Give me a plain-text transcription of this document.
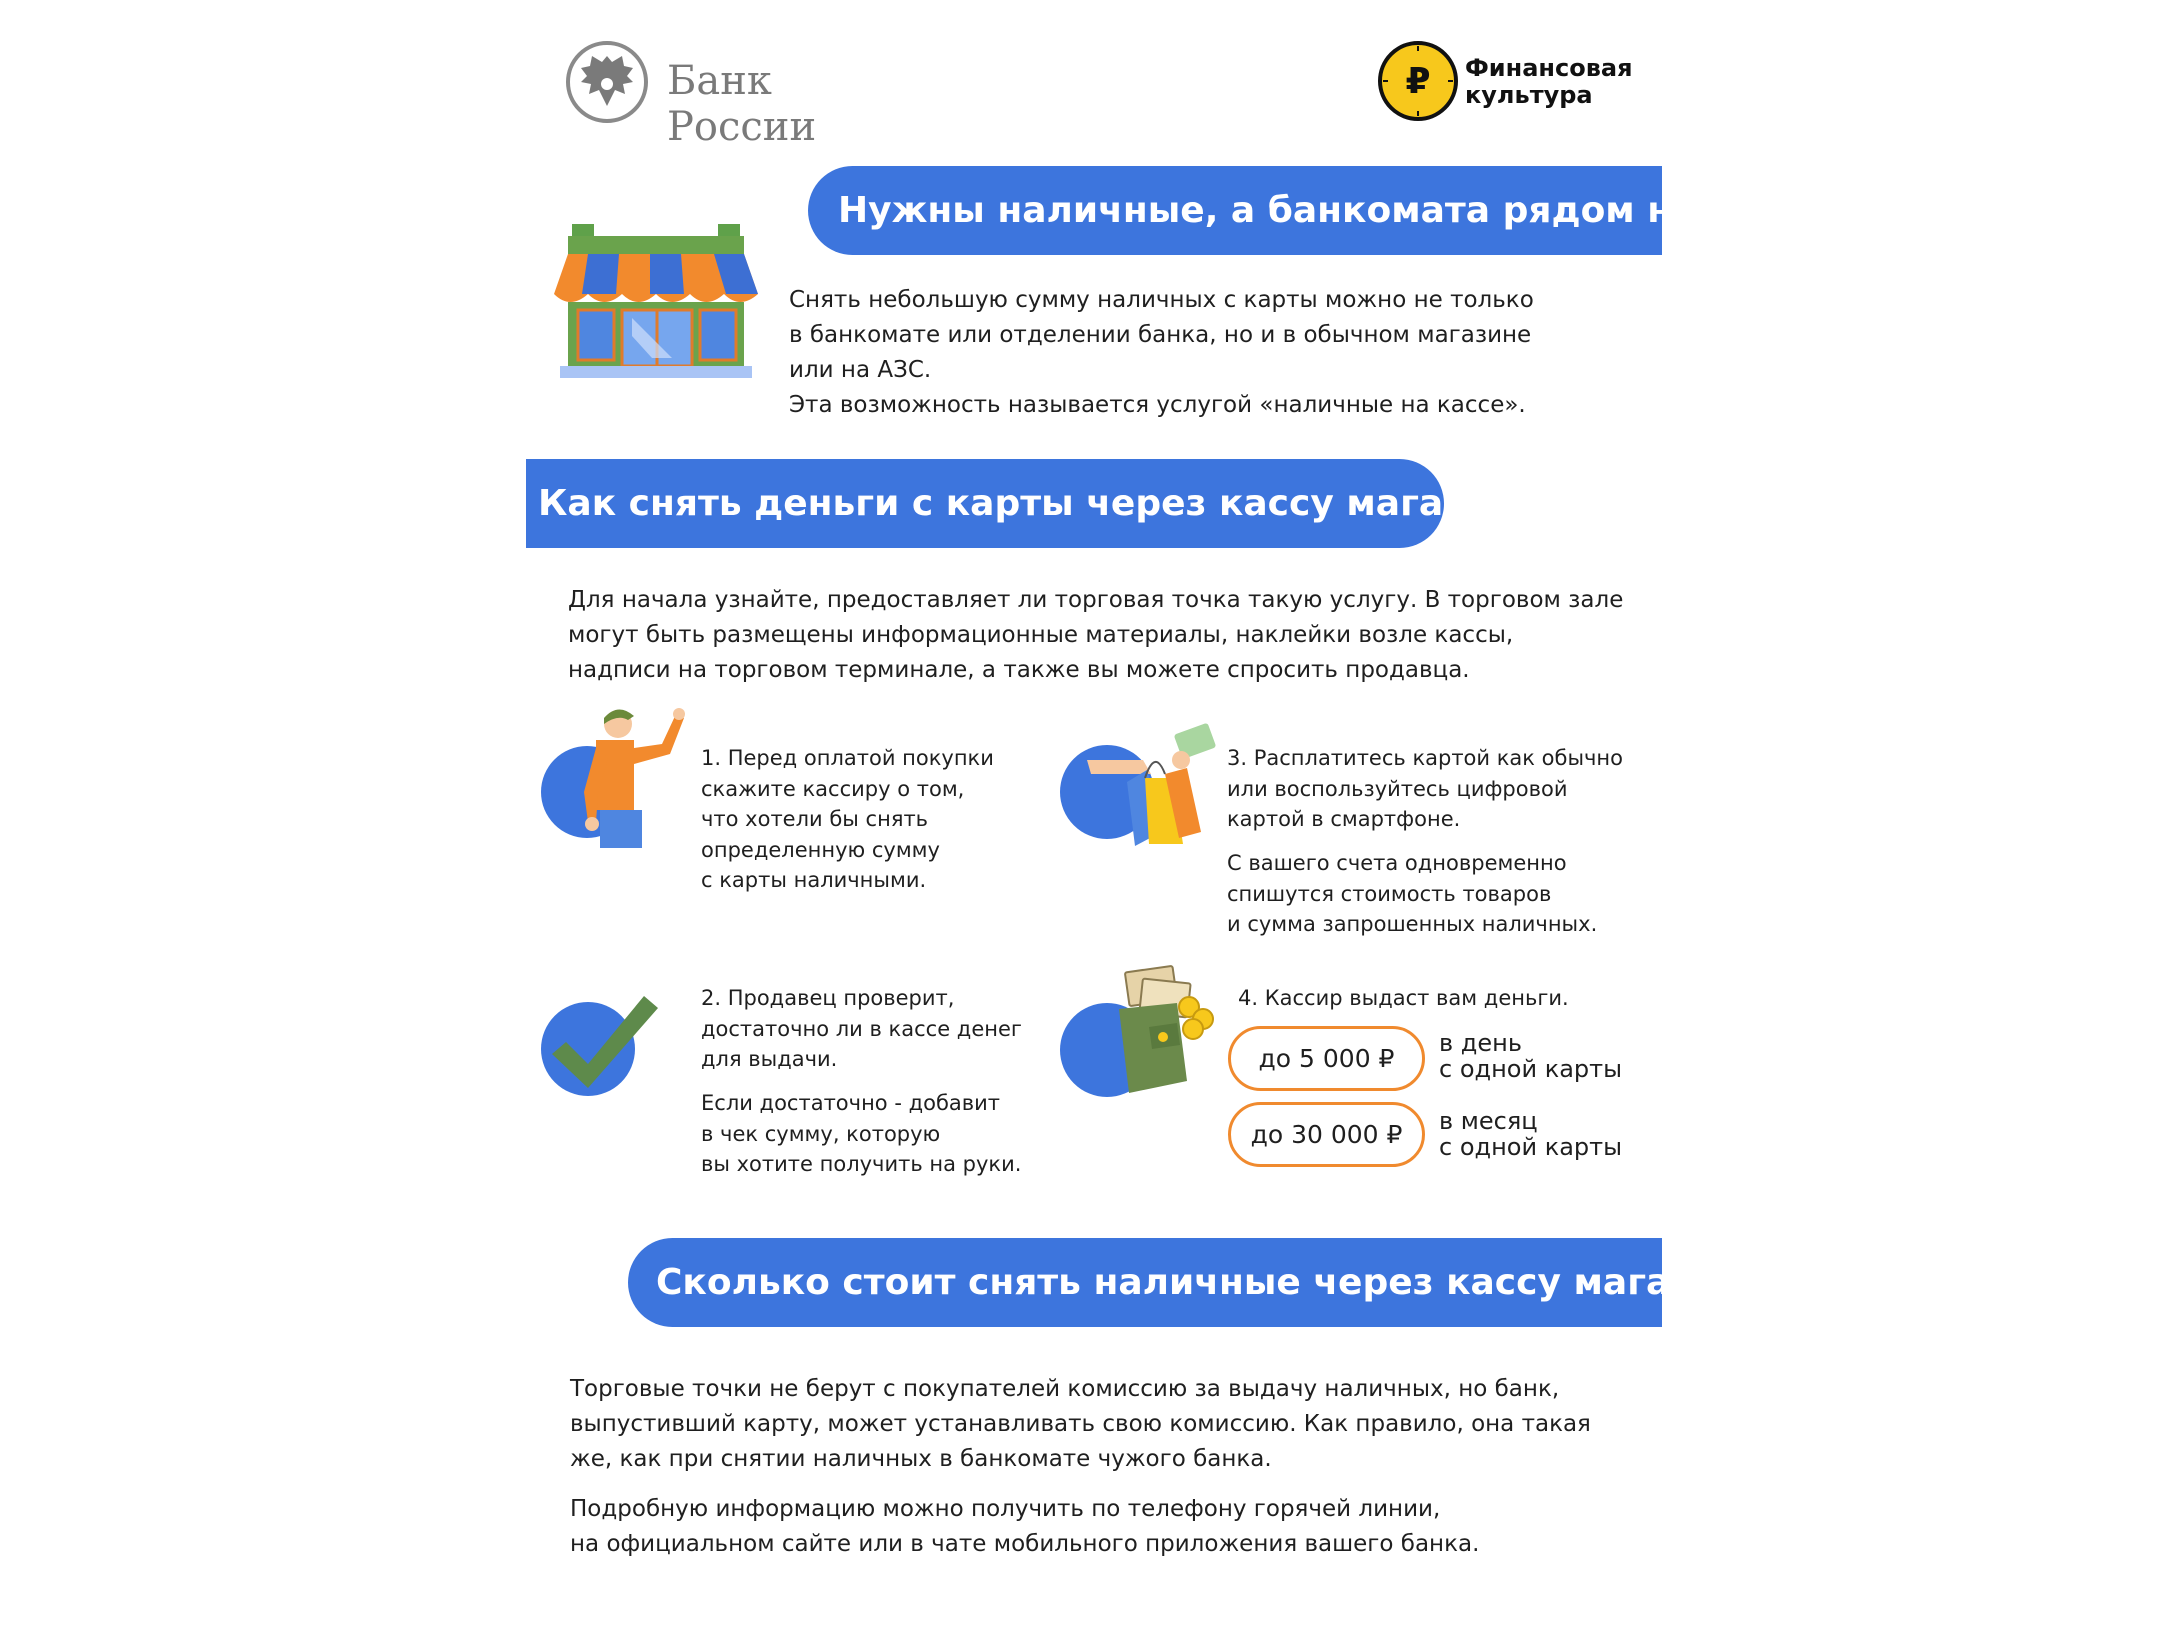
Банк России
₽ Финансовая
культура
Нужны наличные, а банкомата рядом нет?
Снять небольшую сумму наличных с карты можно не только
в банкомате или отделении банка, но и в обычном магазине
или на АЗС.
Эта возможность называется услугой «наличные на кассе».
Как снять деньги с карты через кассу магазина?
Для начала узнайте, предоставляет ли торговая точка такую услугу. В торговом зале
могут быть размещены информационные материалы, наклейки возле кассы,
надписи на торговом терминале, а также вы можете спросить продавца.
1. Перед оплатой покупки
скажите кассиру о том,
что хотели бы снять
определенную сумму
с карты наличными.
2. Продавец проверит,
достаточно ли в кассе денег
для выдачи.
Если достаточно - добавит
в чек сумму, которую
вы хотите получить на руки.
3. Расплатитесь картой как обычно
или воспользуйтесь цифровой
картой в смартфоне.
С вашего счета одновременно
спишутся стоимость товаров
и сумма запрошенных наличных.
4. Кассир выдаст вам деньги.
до 5 000 ₽
в день
с одной карты
до 30 000 ₽ в месяц
с одной карты
Сколько стоит снять наличные через кассу магазина?
Торговые точки не берут с покупателей комиссию за выдачу наличных, но банк,
выпустивший карту, может устанавливать свою комиссию. Как правило, она такая
же, как при снятии наличных в банкомате чужого банка.
Подробную информацию можно получить по телефону горячей линии,
на официальном сайте или в чате мобильного приложения вашего банка.
